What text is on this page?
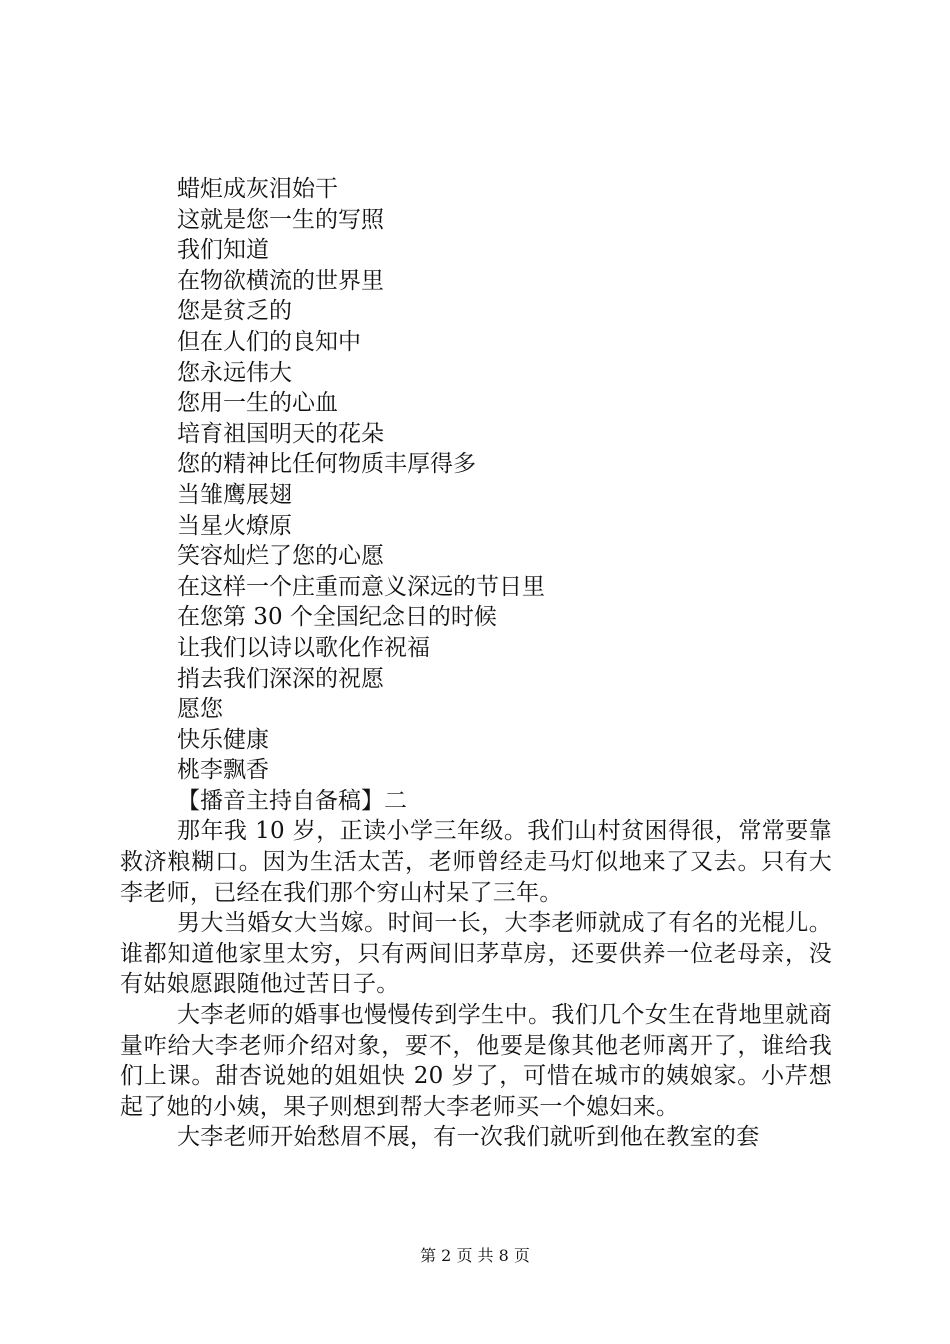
蜡炬成灰泪始干
这就是您一生的写照
我们知道
在物欲横流的世界里
您是贫乏的
但在人们的良知中
您永远伟大
您用一生的心血
培育祖国明天的花朵
您的精神比任何物质丰厚得多
当雏鹰展翅
当星火燎原
笑容灿烂了您的心愿
在这样一个庄重而意义深远的节日里
在您第 30 个全国纪念日的时候
让我们以诗以歌化作祝福
捎去我们深深的祝愿
愿您
快乐健康
桃李飘香
【播音主持自备稿】二

那年我 10 岁，正读小学三年级。我们山村贫困得很，常常要靠救济粮糊口。因为生活太苦，老师曾经走马灯似地来了又去。只有大李老师，已经在我们那个穷山村呆了三年。

男大当婚女大当嫁。时间一长，大李老师就成了有名的光棍儿。谁都知道他家里太穷，只有两间旧茅草房，还要供养一位老母亲，没有姑娘愿跟随他过苦日子。

大李老师的婚事也慢慢传到学生中。我们几个女生在背地里就商量咋给大李老师介绍对象，要不，他要是像其他老师离开了，谁给我们上课。甜杏说她的姐姐快 20 岁了，可惜在城市的姨娘家。小芹想起了她的小姨，果子则想到帮大李老师买一个媳妇来。

大李老师开始愁眉不展，有一次我们就听到他在教室的套

第 2 页 共 8 页
